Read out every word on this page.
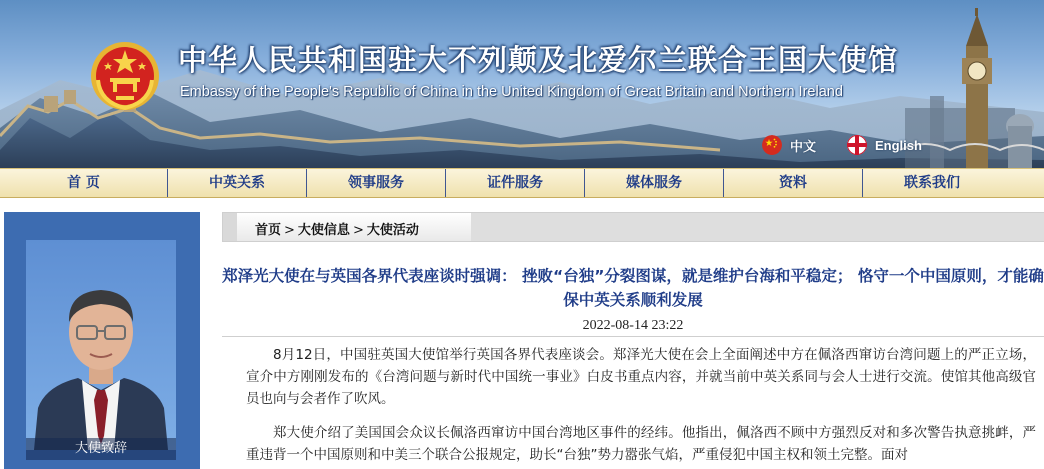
中华人民共和国驻大不列颠及北爱尔兰联合王国大使馆
Embassy of the People's Republic of China in the United Kingdom of Great Britain and Northern Ireland
中文	English
首 页	中英关系	领事服务	证件服务	媒体服务	资料	联系我们
大使致辞
首页 > 大使信息 > 大使活动
郑泽光大使在与英国各界代表座谈时强调： 挫败“台独”分裂图谋，就是维护台海和平稳定； 恪守一个中国原则，才能确保中英关系顺利发展
2022-08-14 23:22

8月12日，中国驻英国大使馆举行英国各界代表座谈会。郑泽光大使在会上全面阐述中方在佩洛西窜访台湾问题上的严正立场，宣介中方刚刚发布的《台湾问题与新时代中国统一事业》白皮书重点内容，并就当前中英关系同与会人士进行交流。使馆其他高级官员也向与会者作了吹风。

郑大使介绍了美国国会众议长佩洛西窜访中国台湾地区事件的经纬。他指出，佩洛西不顾中方强烈反对和多次警告执意挑衅，严重违背一个中国原则和中美三个联合公报规定，助长“台独”势力嚣张气焰，严重侵犯中国主权和领土完整。面对
